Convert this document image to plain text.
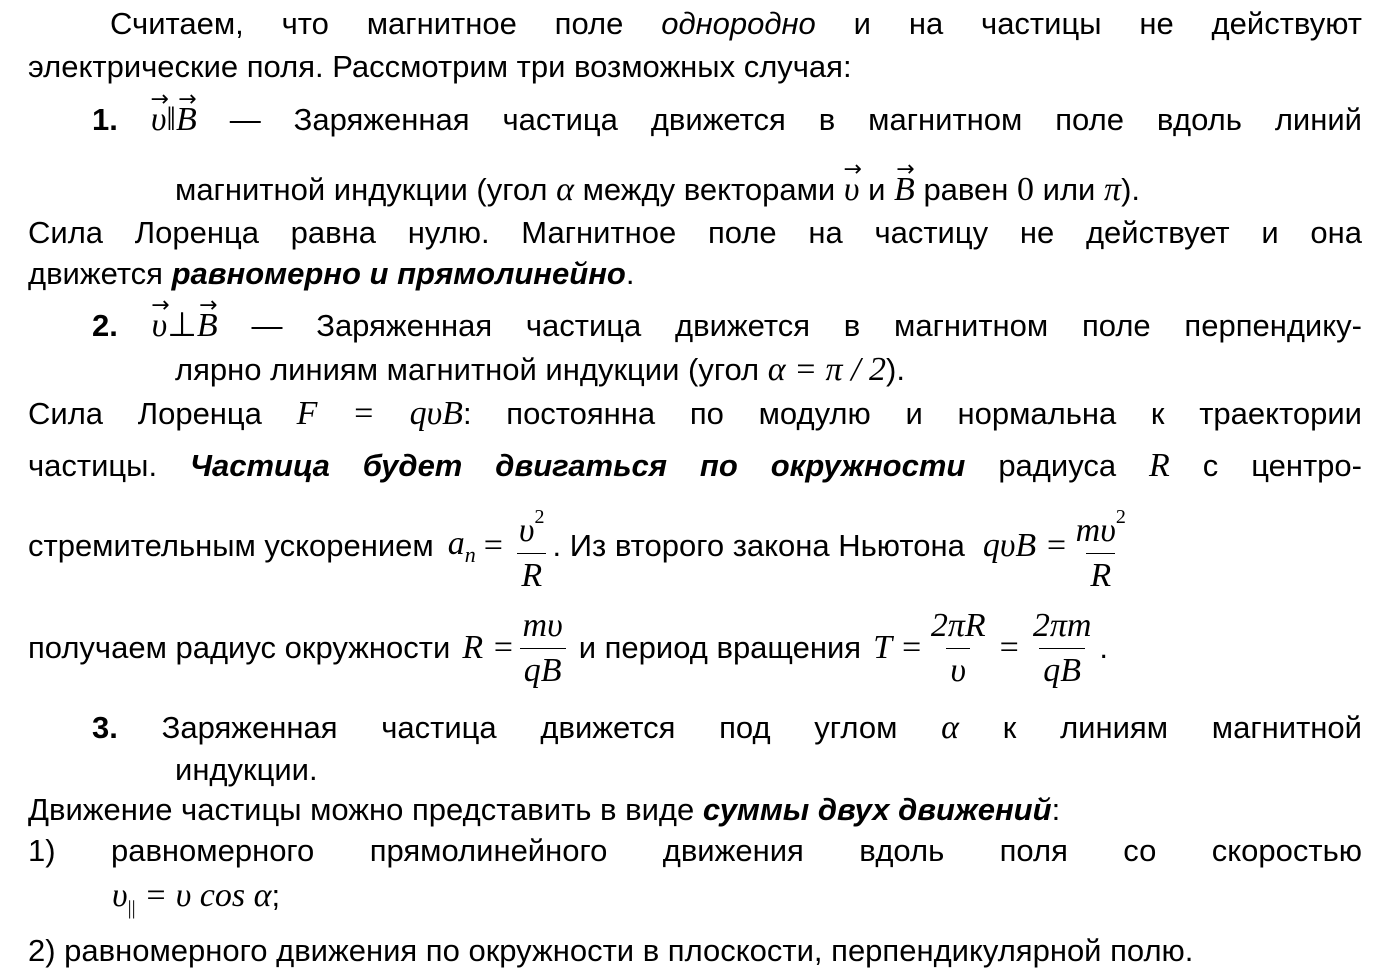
Считаем, что магнитное поле однородно и на частицы не действуют
электрические поля. Рассмотрим три возможных случая:
1. → υ‖→ B — Заряженная частица движется в магнитном поле вдоль линий
магнитной индукции (угол α между векторами → υ и → B равен 0 или π).
Сила Лоренца равна нулю. Магнитное поле на частицу не действует и она
движется равномерно и прямолинейно.
2. → υ⊥→ B — Заряженная частица движется в магнитном поле перпендику-
лярно линиям магнитной индукции (угол α = π / 2).
Сила Лоренца F = qυB: постоянна по модулю и нормальна к траектории
частицы. Частица будет двигаться по окружности радиуса R с центро-
стремительным ускорением $a_n = \frac{\upsilon^2}{R}$ . Из второго закона Ньютона $q\upsilon B = \frac{m\upsilon^2}{R}$
получаем радиус окружности $R = \frac{m\upsilon}{qB}$ и период вращения $T = \frac{2\pi R}{\upsilon} = \frac{2\pi m}{qB}$ .
3. Заряженная частица движется под углом α к линиям магнитной
индукции.
Движение частицы можно представить в виде суммы двух движений:
1) равномерного прямолинейного движения вдоль поля со скоростью
$\upsilon_{||} = \upsilon$ cos α;
2) равномерного движения по окружности в плоскости, перпендикулярной полю.
